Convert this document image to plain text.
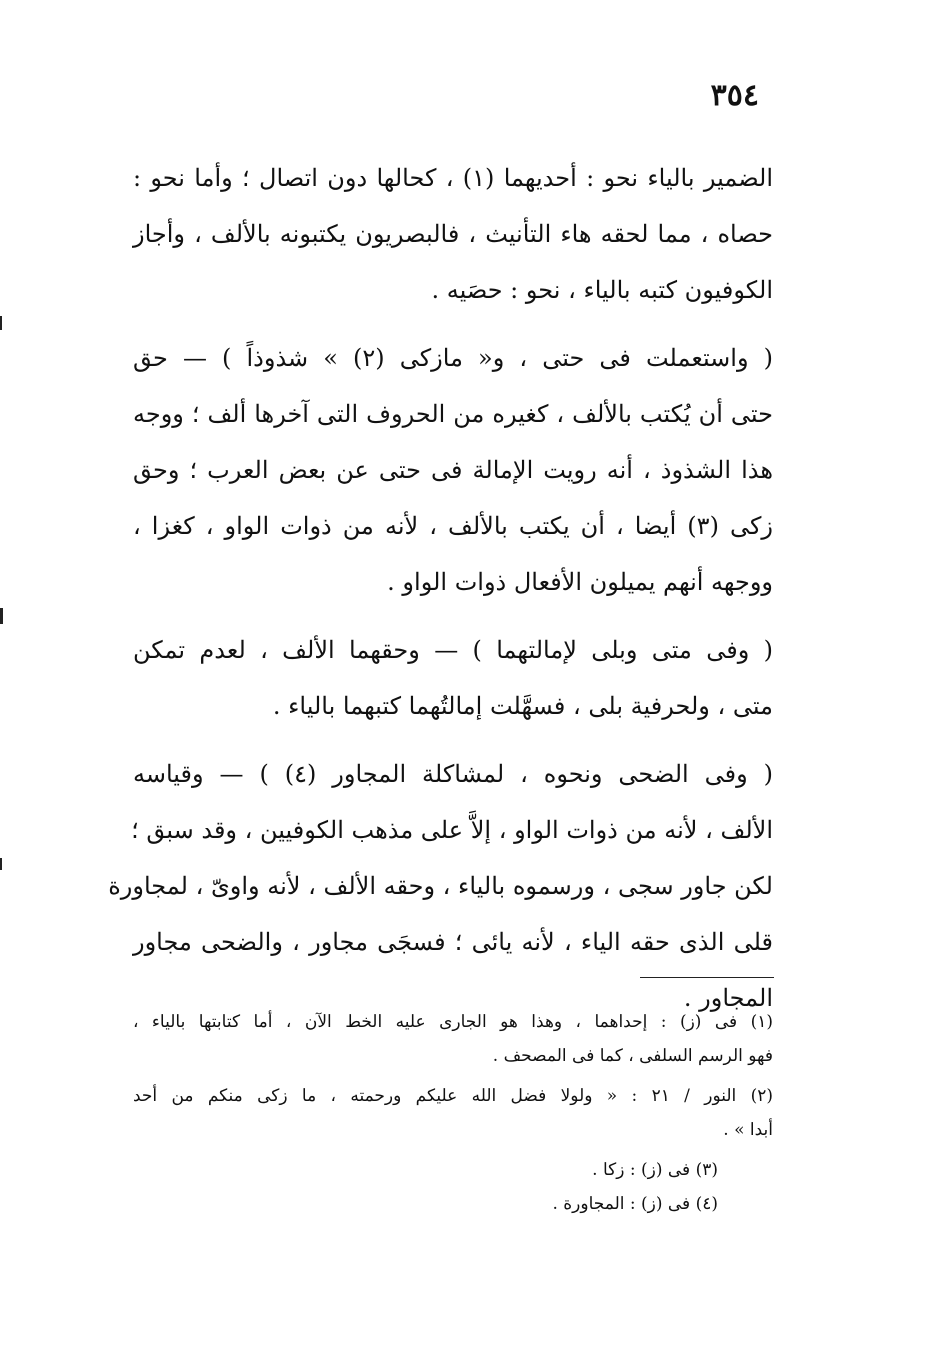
٣٥٤
الضمير بالياء نحو : أحديهما (١) ، كحالها دون اتصال ؛ وأما نحو :
حصاه ، مما لحقه هاء التأنيث ، فالبصريون يكتبونه بالألف ، وأجاز
الكوفيون كتبه بالياء ، نحو : حصَيه .
( واستعملت فى حتى ، و« مازكى (٢) » شذوذاً ) — حق
حتى أن يُكتب بالألف ، كغيره من الحروف التى آخرها ألف ؛ ووجه
هذا الشذوذ ، أنه رويت الإمالة فى حتى عن بعض العرب ؛ وحق
زكى (٣) أيضا ، أن يكتب بالألف ، لأنه من ذوات الواو ، كغزا ،
ووجهه أنهم يميلون الأفعال ذوات الواو .
( وفى متى وبلى لإمالتهما ) — وحقهما الألف ، لعدم تمكن
متى ، ولحرفية بلى ، فسهَّلت إمالتُهما كتبهما بالياء .
( وفى الضحى ونحوه ، لمشاكلة المجاور (٤) ) — وقياسه
الألف ، لأنه من ذوات الواو ، إلاَّ على مذهب الكوفيين ، وقد سبق ؛
لكن جاور سجى ، ورسموه بالياء ، وحقه الألف ، لأنه واوىّ ، لمجاورة
قلى الذى حقه الياء ، لأنه يائى ؛ فسجَى مجاور ، والضحى مجاور
المجاور .
(١) فى (ز) : إحداهما ، وهذا هو الجارى عليه الخط الآن ، أما كتابتها بالياء ،
فهو الرسم السلفى ، كما فى المصحف .
(٢) النور / ٢١ : « ولولا فضل الله عليكم ورحمته ، ما زكى منكم من أحد
أبدا » .
(٣) فى (ز) : زكا .
(٤) فى (ز) : المجاورة .
